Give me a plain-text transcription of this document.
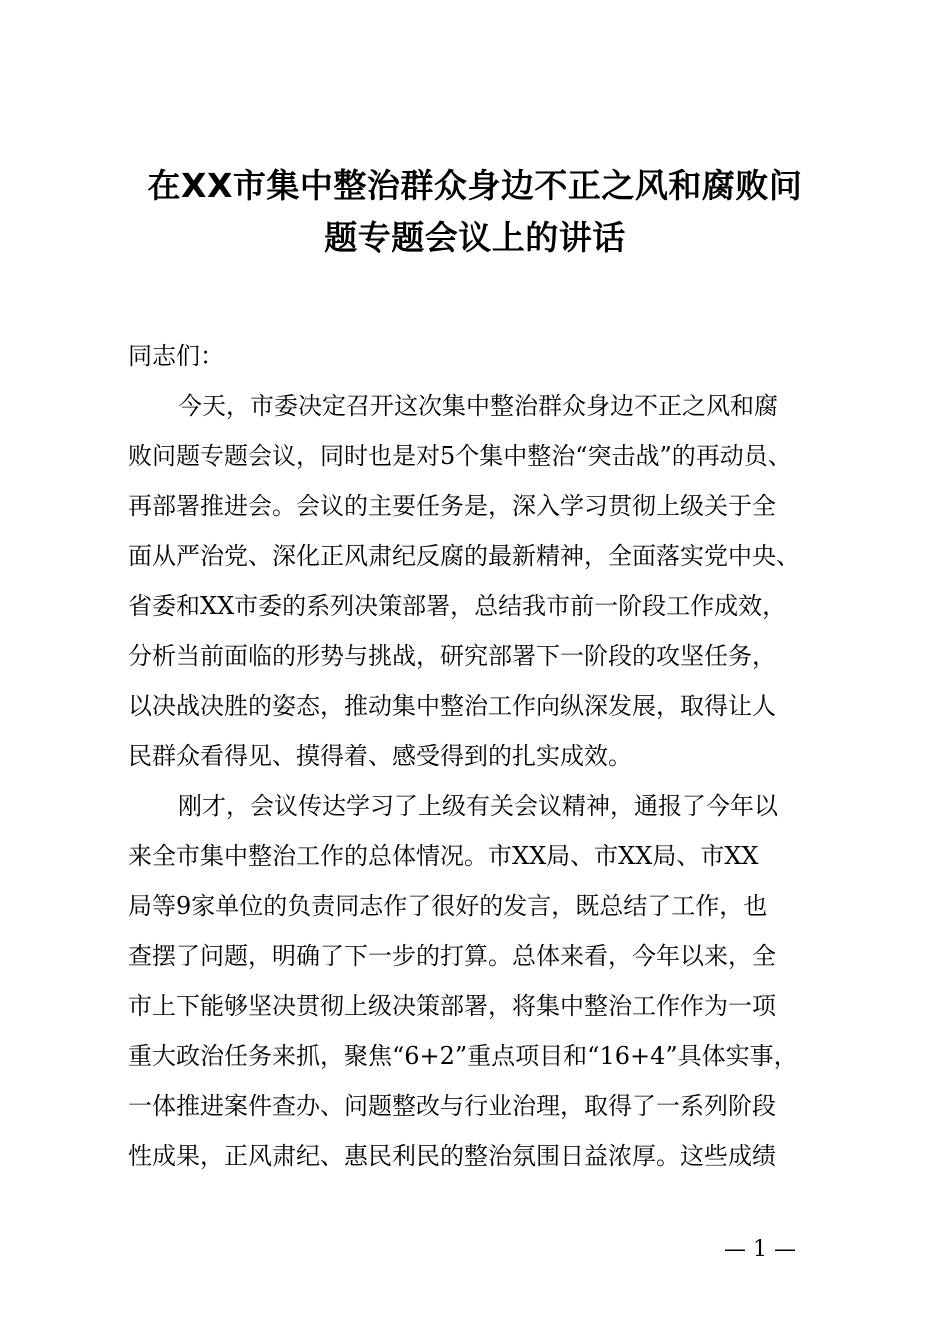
在XX市集中整治群众身边不正之风和腐败问
题专题会议上的讲话
同志们：
今天，市委决定召开这次集中整治群众身边不正之风和腐
败问题专题会议，同时也是对5个集中整治“突击战”的再动员、
再部署推进会。会议的主要任务是，深入学习贯彻上级关于全
面从严治党、深化正风肃纪反腐的最新精神，全面落实党中央、
省委和XX市委的系列决策部署，总结我市前一阶段工作成效，
分析当前面临的形势与挑战，研究部署下一阶段的攻坚任务，
以决战决胜的姿态，推动集中整治工作向纵深发展，取得让人
民群众看得见、摸得着、感受得到的扎实成效。
刚才，会议传达学习了上级有关会议精神，通报了今年以
来全市集中整治工作的总体情况。市XX局、市XX局、市XX
局等9家单位的负责同志作了很好的发言，既总结了工作，也
查摆了问题，明确了下一步的打算。总体来看，今年以来，全
市上下能够坚决贯彻上级决策部署，将集中整治工作作为一项
重大政治任务来抓，聚焦“6+2”重点项目和“16+4”具体实事，
一体推进案件查办、问题整改与行业治理，取得了一系列阶段
性成果，正风肃纪、惠民利民的整治氛围日益浓厚。这些成绩
— 1 —
